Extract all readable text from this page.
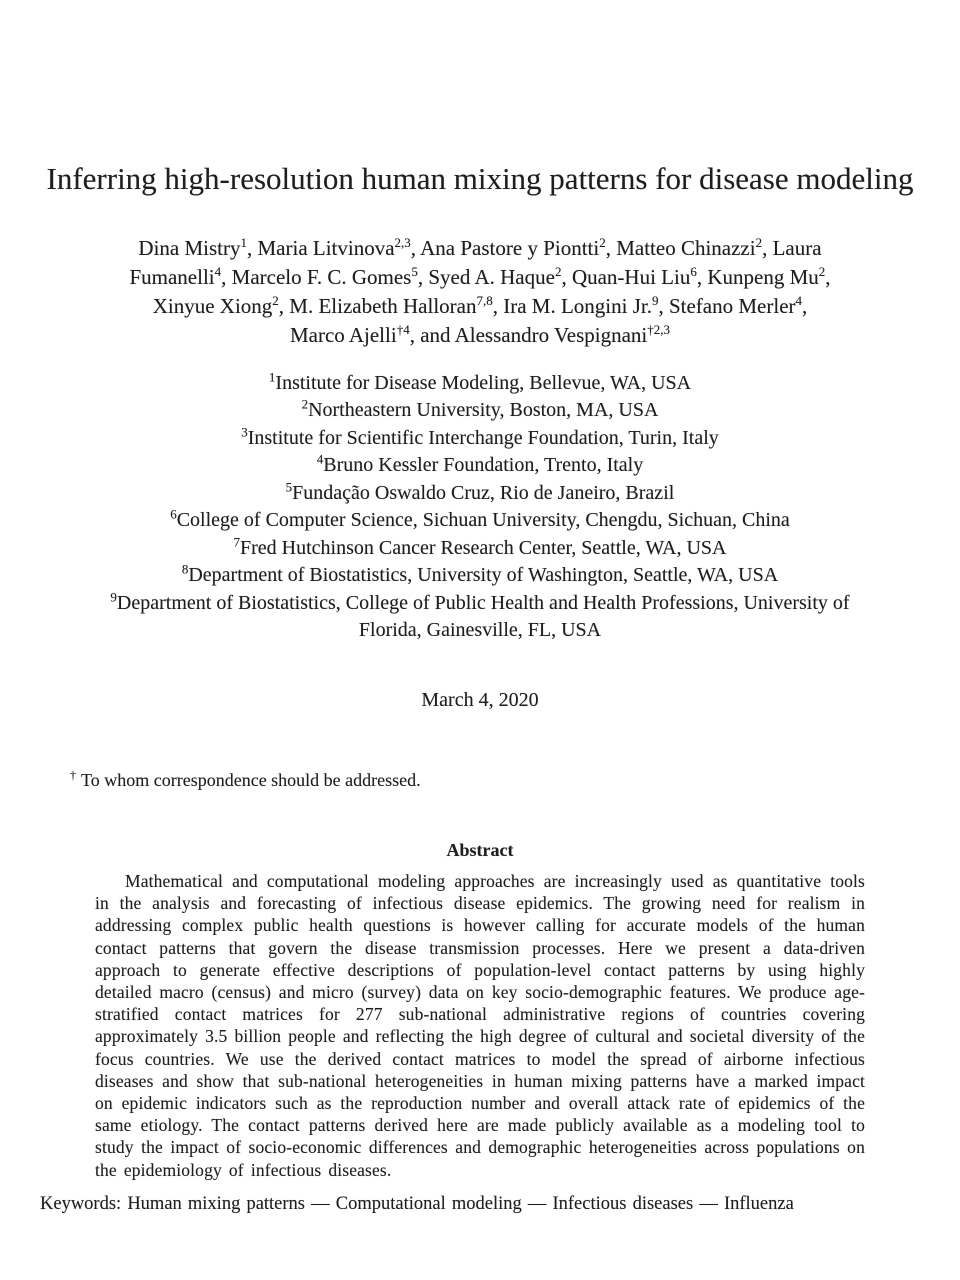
Inferring high-resolution human mixing patterns for disease modeling
Dina Mistry$^1$, Maria Litvinova$^{2,3}$, Ana Pastore y Piontti$^2$, Matteo Chinazzi$^2$, Laura
Fumanelli$^4$, Marcelo F. C. Gomes$^5$, Syed A. Haque$^2$, Quan-Hui Liu$^6$, Kunpeng Mu$^2$,
Xinyue Xiong$^2$, M. Elizabeth Halloran$^{7,8}$, Ira M. Longini Jr.$^9$, Stefano Merler$^4$,
Marco Ajelli$^{\dagger 4}$, and Alessandro Vespignani$^{\dagger 2,3}$
$^1$Institute for Disease Modeling, Bellevue, WA, USA
$^2$Northeastern University, Boston, MA, USA
$^3$Institute for Scientific Interchange Foundation, Turin, Italy
$^4$Bruno Kessler Foundation, Trento, Italy
$^5$Fundação Oswaldo Cruz, Rio de Janeiro, Brazil
$^6$College of Computer Science, Sichuan University, Chengdu, Sichuan, China
$^7$Fred Hutchinson Cancer Research Center, Seattle, WA, USA
$^8$Department of Biostatistics, University of Washington, Seattle, WA, USA
$^9$Department of Biostatistics, College of Public Health and Health Professions, University of Florida, Gainesville, FL, USA
March 4, 2020
† To whom correspondence should be addressed.
Abstract

Mathematical and computational modeling approaches are increasingly used as quantitative tools in the analysis and forecasting of infectious disease epidemics. The growing need for realism in addressing complex public health questions is however calling for accurate models of the human contact patterns that govern the disease transmission processes. Here we present a data-driven approach to generate effective descriptions of population-level contact patterns by using highly detailed macro (census) and micro (survey) data on key socio-demographic features. We produce age-stratified contact matrices for 277 sub-national administrative regions of countries covering approximately 3.5 billion people and reflecting the high degree of cultural and societal diversity of the focus countries. We use the derived contact matrices to model the spread of airborne infectious diseases and show that sub-national heterogeneities in human mixing patterns have a marked impact on epidemic indicators such as the reproduction number and overall attack rate of epidemics of the same etiology. The contact patterns derived here are made publicly available as a modeling tool to study the impact of socio-economic differences and demographic heterogeneities across populations on the epidemiology of infectious diseases.

Keywords: Human mixing patterns — Computational modeling — Infectious diseases — Influenza
